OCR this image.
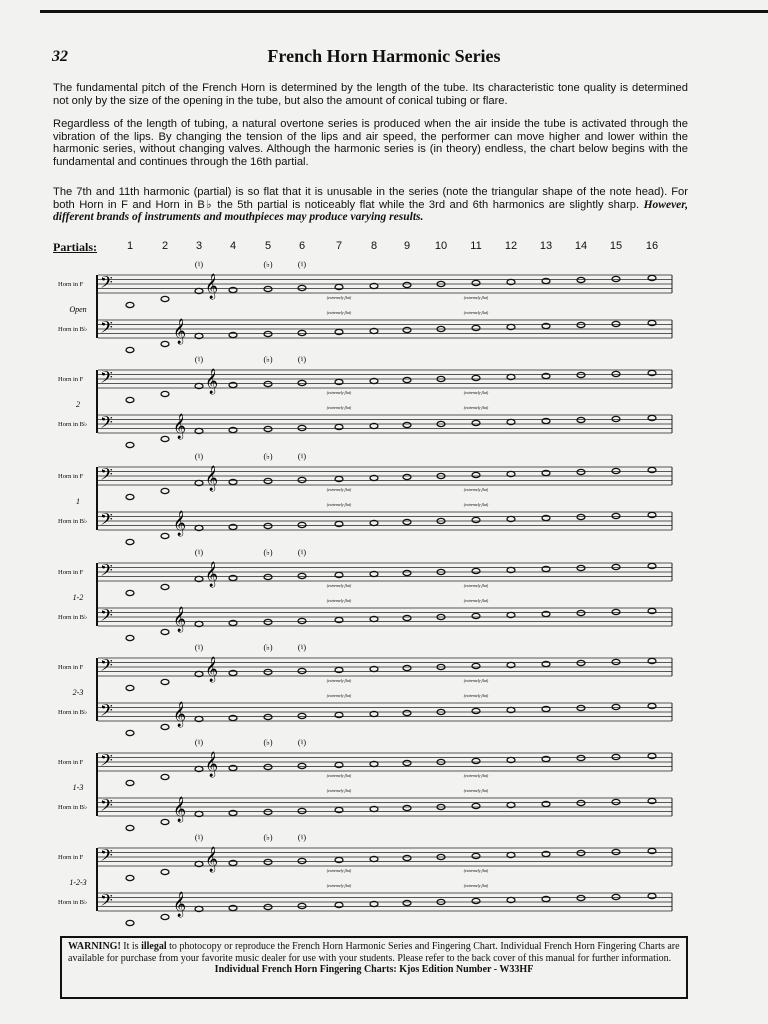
32	French Horn Harmonic Series

The fundamental pitch of the French Horn is determined by the length of the tube. Its characteristic tone quality is determined not only by the size of the opening in the tube, but also the amount of conical tubing or flare.

Regardless of the length of tubing, a natural overtone series is produced when the air inside the tube is activated through the vibration of the lips. By changing the tension of the lips and air speed, the performer can move higher and lower within the harmonic series, without changing valves. Although the harmonic series is (in theory) endless, the chart below begins with the fundamental and continues through the 16th partial.

The 7th and 11th harmonic (partial) is so flat that it is unusable in the series (note the triangular shape of the note head). For both Horn in F and Horn in B♭ the 5th partial is noticeably flat while the 3rd and 6th harmonics are slightly sharp. However, different brands of instruments and mouthpieces may produce varying results.

Partials:	1	2	3	4	5	6	7	8	9	10	11	12	13	14	15	16
𝄢
𝄢
𝄞
𝄞
Horn in F
Horn in B♭
Open
(♮)	(♭)	(♮)
(extremely flat)	(extremely flat)
(extremely flat)	(extremely flat)
𝄢
𝄢
𝄞
𝄞
Horn in F
Horn in B♭
2
(♮)	(♭)	(♮)
(extremely flat)	(extremely flat)
(extremely flat)	(extremely flat)
𝄢
𝄢
𝄞
𝄞
Horn in F
Horn in B♭
1
(♮)	(♭)	(♮)
(extremely flat)	(extremely flat)
(extremely flat)	(extremely flat)
𝄢
𝄢
𝄞
𝄞
Horn in F
Horn in B♭
1-2
(♮)	(♭)	(♮)
(extremely flat)	(extremely flat)
(extremely flat)	(extremely flat)
𝄢
𝄢
𝄞
𝄞
Horn in F
Horn in B♭
2-3
(♮)	(♭)	(♮)
(extremely flat)	(extremely flat)
(extremely flat)	(extremely flat)
𝄢
𝄢
𝄞
𝄞
Horn in F
Horn in B♭
1-3
(♮)	(♭)	(♮)
(extremely flat)	(extremely flat)
(extremely flat)	(extremely flat)
𝄢
𝄢
𝄞
𝄞
Horn in F
Horn in B♭
1-2-3
(♮)	(♭)	(♮)
(extremely flat)	(extremely flat)
(extremely flat)	(extremely flat)
WARNING! It is illegal to photocopy or reproduce the French Horn Harmonic Series and Fingering Chart. Individual French Horn Fingering Charts are available for purchase from your favorite music dealer for use with your students. Please refer to the back cover of this manual for further information.
Individual French Horn Fingering Charts: Kjos Edition Number - W33HF
